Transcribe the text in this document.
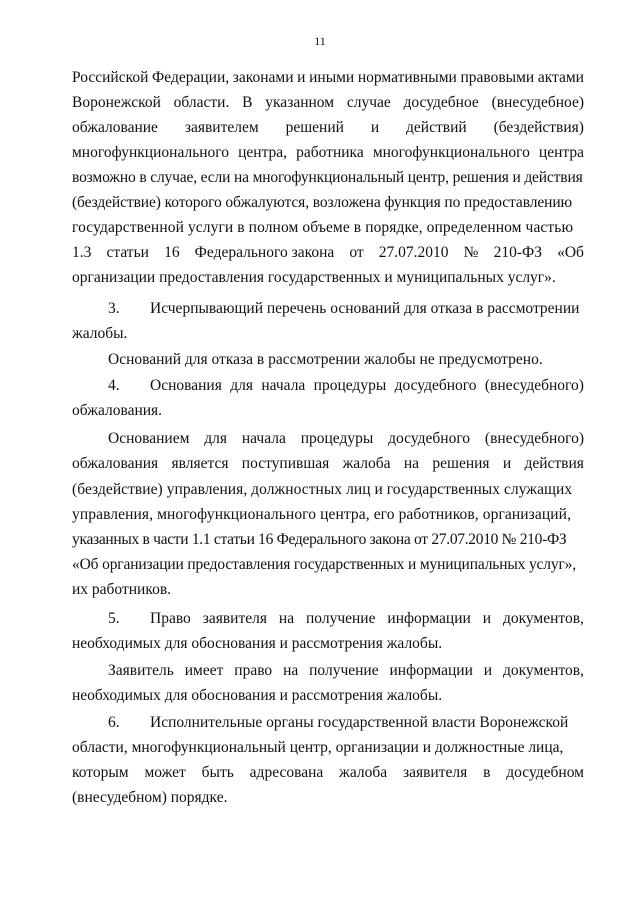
11
Российской Федерации, законами и иными нормативными правовыми актами
Воронежской области. В указанном случае досудебное (внесудебное)
обжалование заявителем решений и действий (бездействия)
многофункционального центра, работника многофункционального центра
возможно в случае, если на многофункциональный центр, решения и действия
(бездействие) которого обжалуются, возложена функция по предоставлению
государственной услуги в полном объеме в порядке, определенном частью
1.3 статьи 16 Федерального закона от 27.07.2010 № 210-ФЗ «Об
организации предоставления государственных и муниципальных услуг».
3.	Исчерпывающий перечень оснований для отказа в рассмотрении
жалобы.
Оснований для отказа в рассмотрении жалобы не предусмотрено.
4.	Основания для начала процедуры досудебного (внесудебного)
обжалования.
Основанием для начала процедуры досудебного (внесудебного)
обжалования является поступившая жалоба на решения и действия
(бездействие) управления, должностных лиц и государственных служащих
управления, многофункционального центра, его работников, организаций,
указанных в части 1.1 статьи 16 Федерального закона от 27.07.2010 № 210-ФЗ
«Об организации предоставления государственных и муниципальных услуг»,
их работников.
5.	Право заявителя на получение информации и документов,
необходимых для обоснования и рассмотрения жалобы.
Заявитель имеет право на получение информации и документов,
необходимых для обоснования и рассмотрения жалобы.
6.	Исполнительные органы государственной власти Воронежской
области, многофункциональный центр, организации и должностные лица,
которым может быть адресована жалоба заявителя в досудебном
(внесудебном) порядке.
